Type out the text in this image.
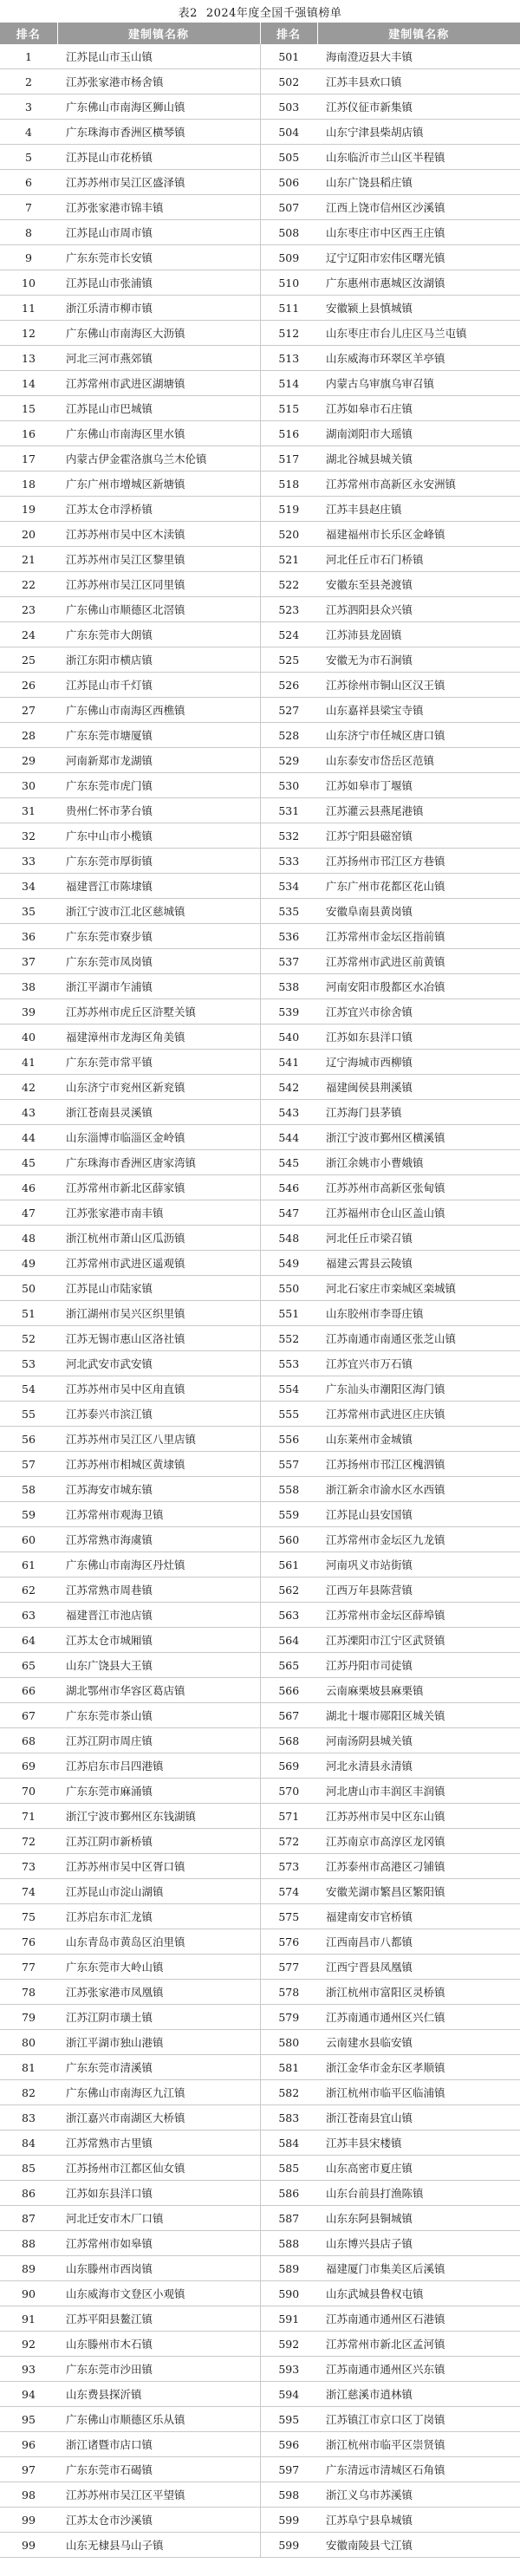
表2 2024年度全国千强镇榜单
排名	建制镇名称	排名	建制镇名称
1	江苏昆山市玉山镇	501	海南澄迈县大丰镇
2	江苏张家港市杨舍镇	502	江苏丰县欢口镇
3	广东佛山市南海区狮山镇	503	江苏仪征市新集镇
4	广东珠海市香洲区横琴镇	504	山东宁津县柴胡店镇
5	江苏昆山市花桥镇	505	山东临沂市兰山区半程镇
6	江苏苏州市吴江区盛泽镇	506	山东广饶县稻庄镇
7	江苏张家港市锦丰镇	507	江西上饶市信州区沙溪镇
8	江苏昆山市周市镇	508	山东枣庄市中区西王庄镇
9	广东东莞市长安镇	509	辽宁辽阳市宏伟区曙光镇
10	江苏昆山市张浦镇	510	广东惠州市惠城区汝湖镇
11	浙江乐清市柳市镇	511	安徽颍上县慎城镇
12	广东佛山市南海区大沥镇	512	山东枣庄市台儿庄区马兰屯镇
13	河北三河市燕郊镇	513	山东威海市环翠区羊亭镇
14	江苏常州市武进区湖塘镇	514	内蒙古乌审旗乌审召镇
15	江苏昆山市巴城镇	515	江苏如皋市石庄镇
16	广东佛山市南海区里水镇	516	湖南浏阳市大瑶镇
17	内蒙古伊金霍洛旗乌兰木伦镇	517	湖北谷城县城关镇
18	广东广州市增城区新塘镇	518	江苏常州市高新区永安洲镇
19	江苏太仓市浮桥镇	519	江苏丰县赵庄镇
20	江苏苏州市吴中区木渎镇	520	福建福州市长乐区金峰镇
21	江苏苏州市吴江区黎里镇	521	河北任丘市石门桥镇
22	江苏苏州市吴江区同里镇	522	安徽东至县尧渡镇
23	广东佛山市顺德区北滘镇	523	江苏泗阳县众兴镇
24	广东东莞市大朗镇	524	江苏沛县龙固镇
25	浙江东阳市横店镇	525	安徽无为市石涧镇
26	江苏昆山市千灯镇	526	江苏徐州市铜山区汉王镇
27	广东佛山市南海区西樵镇	527	山东嘉祥县梁宝寺镇
28	广东东莞市塘厦镇	528	山东济宁市任城区唐口镇
29	河南新郑市龙湖镇	529	山东泰安市岱岳区范镇
30	广东东莞市虎门镇	530	江苏如皋市丁堰镇
31	贵州仁怀市茅台镇	531	江苏灌云县燕尾港镇
32	广东中山市小榄镇	532	江苏宁阳县磁窑镇
33	广东东莞市厚街镇	533	江苏扬州市邗江区方巷镇
34	福建晋江市陈埭镇	534	广东广州市花都区花山镇
35	浙江宁波市江北区慈城镇	535	安徽阜南县黄岗镇
36	广东东莞市寮步镇	536	江苏常州市金坛区指前镇
37	广东东莞市凤岗镇	537	江苏常州市武进区前黄镇
38	浙江平湖市乍浦镇	538	河南安阳市殷都区水冶镇
39	江苏苏州市虎丘区浒墅关镇	539	江苏宜兴市徐舍镇
40	福建漳州市龙海区角美镇	540	江苏如东县洋口镇
41	广东东莞市常平镇	541	辽宁海城市西柳镇
42	山东济宁市兖州区新兖镇	542	福建闽侯县荆溪镇
43	浙江苍南县灵溪镇	543	江苏海门县茅镇
44	山东淄博市临淄区金岭镇	544	浙江宁波市鄞州区横溪镇
45	广东珠海市香洲区唐家湾镇	545	浙江余姚市小曹娥镇
46	江苏常州市新北区薛家镇	546	江苏苏州市高新区张甸镇
47	江苏张家港市南丰镇	547	江苏福州市仓山区盖山镇
48	浙江杭州市萧山区瓜沥镇	548	河北任丘市梁召镇
49	江苏常州市武进区遥观镇	549	福建云霄县云陵镇
50	江苏昆山市陆家镇	550	河北石家庄市栾城区栾城镇
51	浙江湖州市吴兴区织里镇	551	山东胶州市李哥庄镇
52	江苏无锡市惠山区洛社镇	552	江苏南通市南通区张芝山镇
53	河北武安市武安镇	553	江苏宜兴市万石镇
54	江苏苏州市吴中区甪直镇	554	广东汕头市潮阳区海门镇
55	江苏泰兴市滨江镇	555	江苏常州市武进区庄庆镇
56	江苏苏州市吴江区八里店镇	556	山东莱州市金城镇
57	江苏苏州市相城区黄埭镇	557	江苏扬州市邗江区槐泗镇
58	江苏海安市城东镇	558	浙江新余市渝水区水西镇
59	江苏常州市观海卫镇	559	江苏昆山县安国镇
60	江苏常熟市海虞镇	560	江苏常州市金坛区九龙镇
61	广东佛山市南海区丹灶镇	561	河南巩义市站街镇
62	江苏常熟市周巷镇	562	江西万年县陈营镇
63	福建晋江市池店镇	563	江苏常州市金坛区薛埠镇
64	江苏太仓市城厢镇	564	江苏溧阳市江宁区武贤镇
65	山东广饶县大王镇	565	江苏丹阳市司徒镇
66	湖北鄂州市华容区葛店镇	566	云南麻栗坡县麻栗镇
67	广东东莞市茶山镇	567	湖北十堰市郧阳区城关镇
68	江苏江阴市周庄镇	568	河南汤阴县城关镇
69	江苏启东市吕四港镇	569	河北永清县永清镇
70	广东东莞市麻涌镇	570	河北唐山市丰润区丰润镇
71	浙江宁波市鄞州区东钱湖镇	571	江苏苏州市吴中区东山镇
72	江苏江阴市新桥镇	572	江苏南京市高淳区龙冈镇
73	江苏苏州市吴中区胥口镇	573	江苏泰州市高港区刁铺镇
74	江苏昆山市淀山湖镇	574	安徽芜湖市繁昌区繁阳镇
75	江苏启东市汇龙镇	575	福建南安市官桥镇
76	山东青岛市黄岛区泊里镇	576	江西南昌市八都镇
77	广东东莞市大岭山镇	577	江西宁晋县凤凰镇
78	江苏张家港市凤凰镇	578	浙江杭州市富阳区灵桥镇
79	江苏江阴市璜土镇	579	江苏南通市通州区兴仁镇
80	浙江平湖市独山港镇	580	云南建水县临安镇
81	广东东莞市清溪镇	581	浙江金华市金东区孝顺镇
82	广东佛山市南海区九江镇	582	浙江杭州市临平区临浦镇
83	浙江嘉兴市南湖区大桥镇	583	浙江苍南县宜山镇
84	江苏常熟市古里镇	584	江苏丰县宋楼镇
85	江苏扬州市江都区仙女镇	585	山东高密市夏庄镇
86	江苏如东县洋口镇	586	山东台前县打渔陈镇
87	河北迁安市木厂口镇	587	山东东阿县铜城镇
88	江苏常州市如皋镇	588	山东博兴县店子镇
89	山东滕州市西岗镇	589	福建厦门市集美区后溪镇
90	山东威海市文登区小观镇	590	山东武城县鲁权屯镇
91	江苏平阳县鳌江镇	591	江苏南通市通州区石港镇
92	山东滕州市木石镇	592	江苏常州市新北区孟河镇
93	广东东莞市沙田镇	593	江苏南通市通州区兴东镇
94	山东费县探沂镇	594	浙江慈溪市逍林镇
95	广东佛山市顺德区乐从镇	595	江苏镇江市京口区丁岗镇
96	浙江诸暨市店口镇	596	浙江杭州市临平区崇贤镇
97	广东东莞市石碣镇	597	广东清远市清城区石角镇
98	江苏苏州市吴江区平望镇	598	浙江义乌市苏溪镇
99	江苏太仓市沙溪镇	599	江苏阜宁县阜城镇
99	山东无棣县马山子镇	599	安徽南陵县弋江镇
